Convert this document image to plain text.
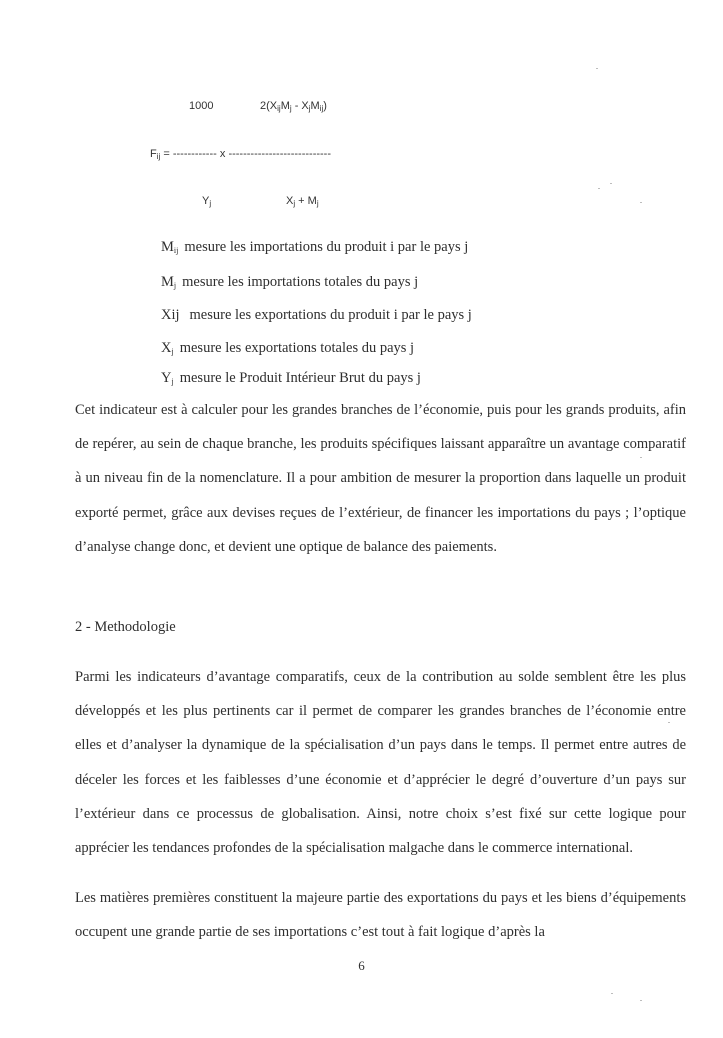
1000	$2(X_{ij}M_j - X_jM_{ij})$
$F_{ij}$ = ------------ x ----------------------------
$Y_j$	$X_j + M_j$
$M_{ij}$ mesure les importations du produit i par le pays j
$M_j$ mesure les importations totales du pays j
Xij mesure les exportations du produit i par le pays j
$X_j$ mesure les exportations totales du pays j
$Y_j$ mesure le Produit Intérieur Brut du pays j

Cet indicateur est à calculer pour les grandes branches de l’économie, puis pour les grands produits, afin de repérer, au sein de chaque branche, les produits spécifiques laissant apparaître un avantage comparatif à un niveau fin de la nomenclature. Il a pour ambition de mesurer la proportion dans laquelle un produit exporté permet, grâce aux devises reçues de l’extérieur, de financer les importations du pays ; l’optique d’analyse change donc, et devient une optique de balance des paiements.

2 - Methodologie

Parmi les indicateurs d’avantage comparatifs, ceux de la contribution au solde semblent être les plus développés et les plus pertinents car il permet de comparer les grandes branches de l’économie entre elles et d’analyser la dynamique de la spécialisation d’un pays dans le temps. Il permet entre autres de déceler les forces et les faiblesses d’une économie et d’apprécier le degré d’ouverture d’un pays sur l’extérieur dans ce processus de globalisation. Ainsi, notre choix s’est fixé sur cette logique pour apprécier les tendances profondes de la spécialisation malgache dans le commerce international.

Les matières premières constituent la majeure partie des exportations du pays et les biens d’équipements occupent une grande partie de ses importations c’est tout à fait logique d’après la

6
